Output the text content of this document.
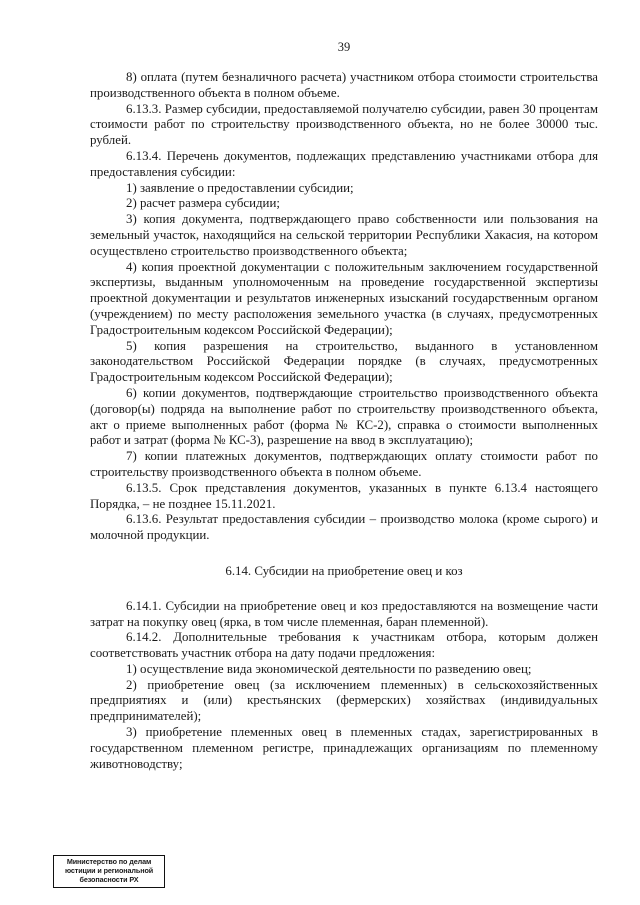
39

8) оплата (путем безналичного расчета) участником отбора стоимости строительства производственного объекта в полном объеме.

6.13.3. Размер субсидии, предоставляемой получателю субсидии, равен 30 процентам стоимости работ по строительству производственного объекта, но не более 30000 тыс. рублей.

6.13.4. Перечень документов, подлежащих представлению участниками отбора для предоставления субсидии:

1) заявление о предоставлении субсидии;

2) расчет размера субсидии;

3) копия документа, подтверждающего право собственности или пользования на земельный участок, находящийся на сельской территории Республики Хакасия, на котором осуществлено строительство производственного объекта;

4) копия проектной документации с положительным заключением государственной экспертизы, выданным уполномоченным на проведение государственной экспертизы проектной документации и результатов инженерных изысканий государственным органом (учреждением) по месту расположения земельного участка (в случаях, предусмотренных Градостроительным кодексом Российской Федерации);

5) копия разрешения на строительство, выданного в установленном законодательством Российской Федерации порядке (в случаях, предусмотренных Градостроительным кодексом Российской Федерации);

6) копии документов, подтверждающие строительство производственного объекта (договор(ы) подряда на выполнение работ по строительству производственного объекта, акт о приеме выполненных работ (форма № КС-2), справка о стоимости выполненных работ и затрат (форма № КС-3), разрешение на ввод в эксплуатацию);

7) копии платежных документов, подтверждающих оплату стоимости работ по строительству производственного объекта в полном объеме.

6.13.5. Срок представления документов, указанных в пункте 6.13.4 настоящего Порядка, – не позднее 15.11.2021.

6.13.6. Результат предоставления субсидии – производство молока (кроме сырого) и молочной продукции.

6.14. Субсидии на приобретение овец и коз

6.14.1. Субсидии на приобретение овец и коз предоставляются на возмещение части затрат на покупку овец (ярка, в том числе племенная, баран племенной).

6.14.2. Дополнительные требования к участникам отбора, которым должен соответствовать участник отбора на дату подачи предложения:

1) осуществление вида экономической деятельности по разведению овец;

2) приобретение овец (за исключением племенных) в сельскохозяйственных предприятиях и (или) крестьянских (фермерских) хозяйствах (индивидуальных предпринимателей);

3) приобретение племенных овец в племенных стадах, зарегистрированных в государственном племенном регистре, принадлежащих организациям по племенному животноводству;

Министерство по делам
юстиции и региональной
безопасности РХ
